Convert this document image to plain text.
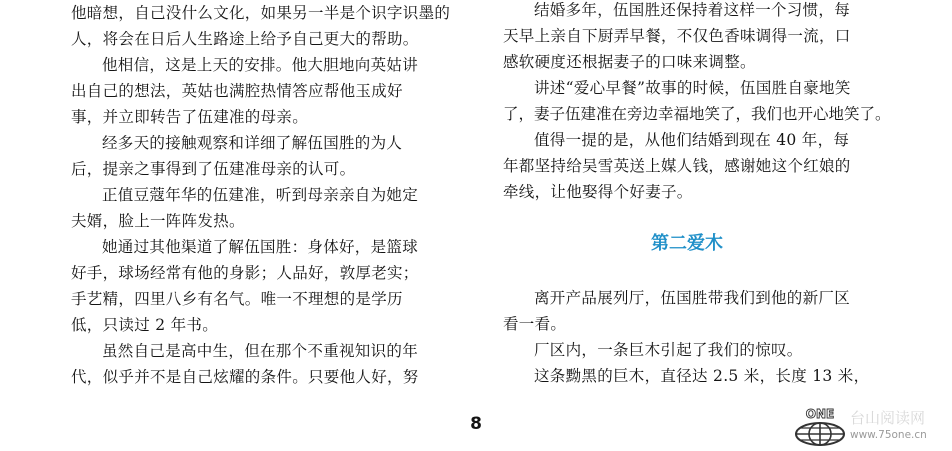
他暗想，自己没什么文化，如果另一半是个识字识墨的
人，将会在日后人生路途上给予自己更大的帮助。
他相信，这是上天的安排。他大胆地向英姑讲
出自己的想法，英姑也满腔热情答应帮他玉成好
事，并立即转告了伍建准的母亲。
经多天的接触观察和详细了解伍国胜的为人
后，提亲之事得到了伍建准母亲的认可。
正值豆蔻年华的伍建准，听到母亲亲自为她定
夫婿，脸上一阵阵发热。
她通过其他渠道了解伍国胜：身体好，是篮球
好手，球场经常有他的身影；人品好，敦厚老实；
手艺精，四里八乡有名气。唯一不理想的是学历
低，只读过 2 年书。
虽然自己是高中生，但在那个不重视知识的年
代，似乎并不是自己炫耀的条件。只要他人好，努
结婚多年，伍国胜还保持着这样一个习惯，每
天早上亲自下厨弄早餐，不仅色香味调得一流，口
感软硬度还根据妻子的口味来调整。
讲述“爱心早餐”故事的时候，伍国胜自豪地笑
了，妻子伍建准在旁边幸福地笑了，我们也开心地笑了。
值得一提的是，从他们结婚到现在 40 年，每
年都坚持给吴雪英送上媒人钱，感谢她这个红娘的
牵线，让他娶得个好妻子。
第二爱木
离开产品展列厅，伍国胜带我们到他的新厂区
看一看。
厂区内，一条巨木引起了我们的惊叹。
这条黝黑的巨木，直径达 2.5 米，长度 13 米，
8	ONE 台山阅读网
www.75one.cn
